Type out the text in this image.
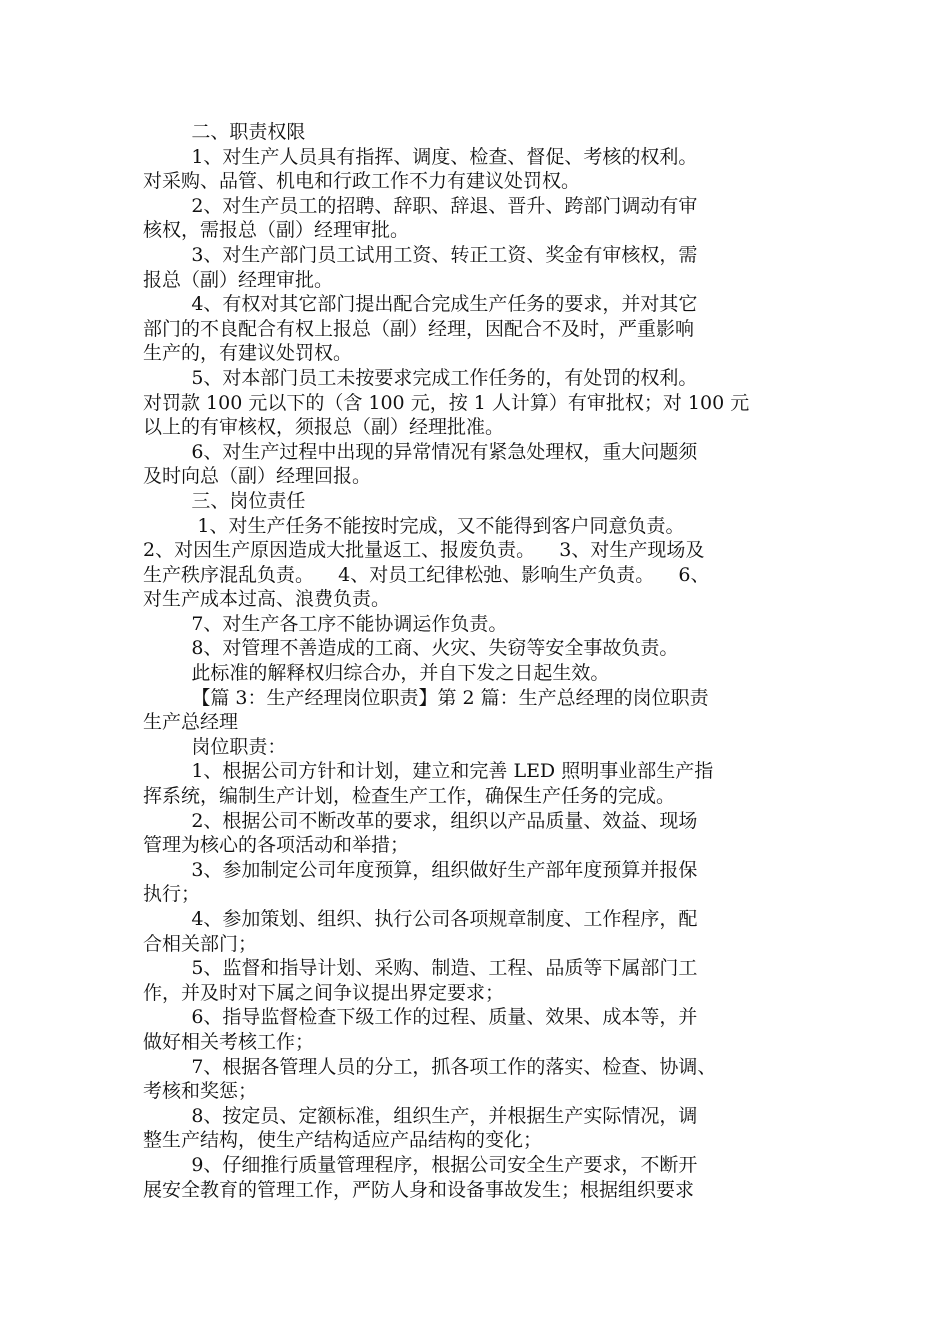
二、职责权限
1、对生产人员具有指挥、调度、检查、督促、考核的权利。
对采购、品管、机电和行政工作不力有建议处罚权。
2、对生产员工的招聘、辞职、辞退、晋升、跨部门调动有审
核权，需报总（副）经理审批。
3、对生产部门员工试用工资、转正工资、奖金有审核权，需
报总（副）经理审批。
4、有权对其它部门提出配合完成生产任务的要求，并对其它
部门的不良配合有权上报总（副）经理，因配合不及时，严重影响
生产的，有建议处罚权。
5、对本部门员工未按要求完成工作任务的，有处罚的权利。
对罚款 100 元以下的（含 100 元，按 1 人计算）有审批权；对 100 元
以上的有审核权，须报总（副）经理批准。
6、对生产过程中出现的异常情况有紧急处理权，重大问题须
及时向总（副）经理回报。
三、岗位责任
1、对生产任务不能按时完成，又不能得到客户同意负责。
2、对因生产原因造成大批量返工、报废负责。    3、对生产现场及
生产秩序混乱负责。    4、对员工纪律松弛、影响生产负责。    6、
对生产成本过高、浪费负责。
7、对生产各工序不能协调运作负责。
8、对管理不善造成的工商、火灾、失窃等安全事故负责。
此标准的解释权归综合办，并自下发之日起生效。
【篇 3：生产经理岗位职责】第 2 篇：生产总经理的岗位职责
生产总经理
岗位职责：
1、根据公司方针和计划，建立和完善 LED 照明事业部生产指
挥系统，编制生产计划，检查生产工作，确保生产任务的完成。
2、根据公司不断改革的要求，组织以产品质量、效益、现场
管理为核心的各项活动和举措；
3、参加制定公司年度预算，组织做好生产部年度预算并报保
执行；
4、参加策划、组织、执行公司各项规章制度、工作程序，配
合相关部门；
5、监督和指导计划、采购、制造、工程、品质等下属部门工
作，并及时对下属之间争议提出界定要求；
6、指导监督检查下级工作的过程、质量、效果、成本等，并
做好相关考核工作；
7、根据各管理人员的分工，抓各项工作的落实、检查、协调、
考核和奖惩；
8、按定员、定额标准，组织生产，并根据生产实际情况，调
整生产结构，使生产结构适应产品结构的变化；
9、仔细推行质量管理程序，根据公司安全生产要求，不断开
展安全教育的管理工作，严防人身和设备事故发生；根据组织要求
